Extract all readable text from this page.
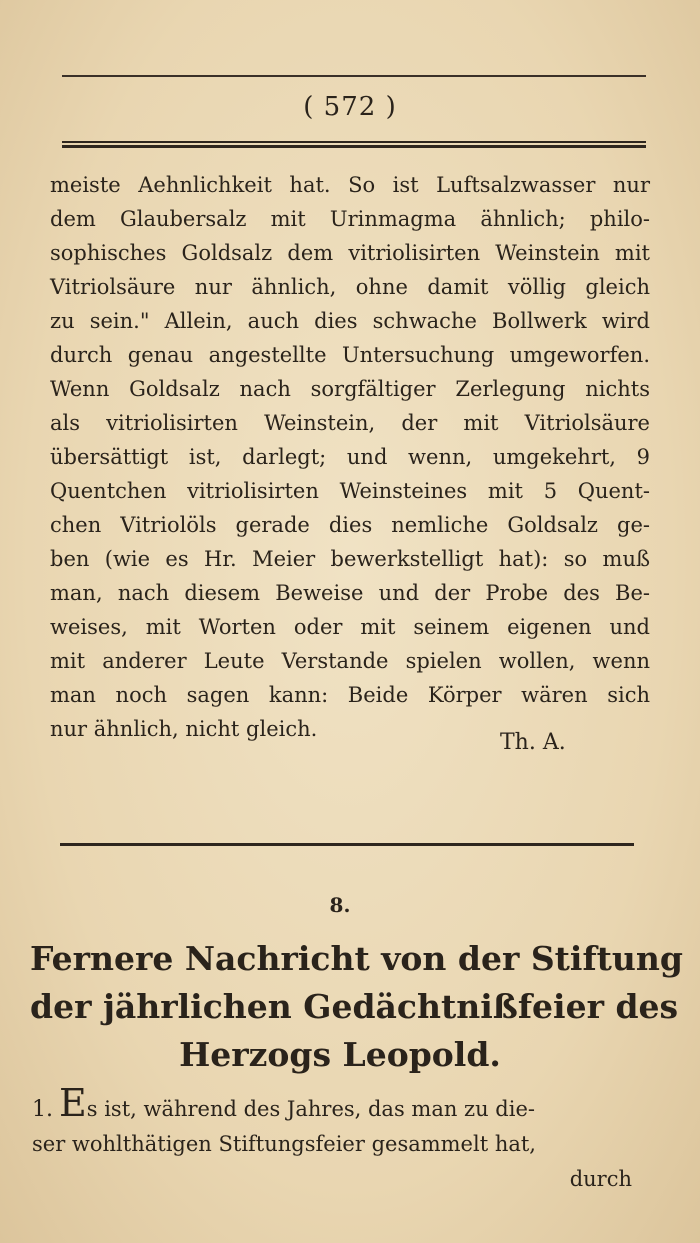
( 572 )
meiste Aehnlichkeit hat. So ist Luftsalzwasser nur
dem Glaubersalz mit Urinmagma ähnlich; philo-
sophisches Goldsalz dem vitriolisirten Weinstein mit
Vitriolsäure nur ähnlich, ohne damit völlig gleich
zu sein." Allein, auch dies schwache Bollwerk wird
durch genau angestellte Untersuchung umgeworfen.
Wenn Goldsalz nach sorgfältiger Zerlegung nichts
als vitriolisirten Weinstein, der mit Vitriolsäure
übersättigt ist, darlegt; und wenn, umgekehrt, 9
Quentchen vitriolisirten Weinsteines mit 5 Quent-
chen Vitriolöls gerade dies nemliche Goldsalz ge-
ben (wie es Hr. Meier bewerkstelligt hat): so muß
man, nach diesem Beweise und der Probe des Be-
weises, mit Worten oder mit seinem eigenen und
mit anderer Leute Verstande spielen wollen, wenn
man noch sagen kann: Beide Körper wären sich
nur ähnlich, nicht gleich.
Th. A.
8.
Fernere Nachricht von der Stiftung
der jährlichen Gedächtnißfeier des
Herzogs Leopold.
1. Es ist, während des Jahres, das man zu die-
ser wohlthätigen Stiftungsfeier gesammelt hat,
durch
